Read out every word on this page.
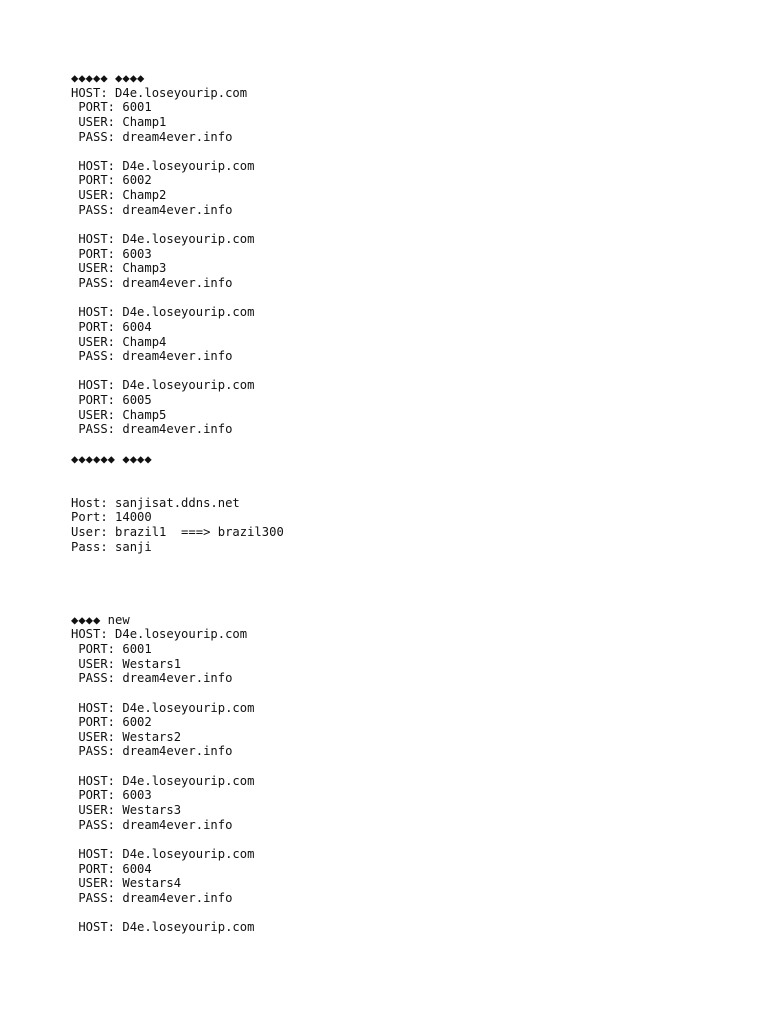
◆◆◆◆◆ ◆◆◆◆
HOST: D4e.loseyourip.com
PORT: 6001
USER: Champ1
PASS: dream4ever.info
HOST: D4e.loseyourip.com
PORT: 6002
USER: Champ2
PASS: dream4ever.info
HOST: D4e.loseyourip.com
PORT: 6003
USER: Champ3
PASS: dream4ever.info
HOST: D4e.loseyourip.com
PORT: 6004
USER: Champ4
PASS: dream4ever.info
HOST: D4e.loseyourip.com
PORT: 6005
USER: Champ5
PASS: dream4ever.info
◆◆◆◆◆◆ ◆◆◆◆
Host: sanjisat.ddns.net
Port: 14000
User: brazil1  ===> brazil300
Pass: sanji
◆◆◆◆ new
HOST: D4e.loseyourip.com
PORT: 6001
USER: Westars1
PASS: dream4ever.info
HOST: D4e.loseyourip.com
PORT: 6002
USER: Westars2
PASS: dream4ever.info
HOST: D4e.loseyourip.com
PORT: 6003
USER: Westars3
PASS: dream4ever.info
HOST: D4e.loseyourip.com
PORT: 6004
USER: Westars4
PASS: dream4ever.info
HOST: D4e.loseyourip.com
